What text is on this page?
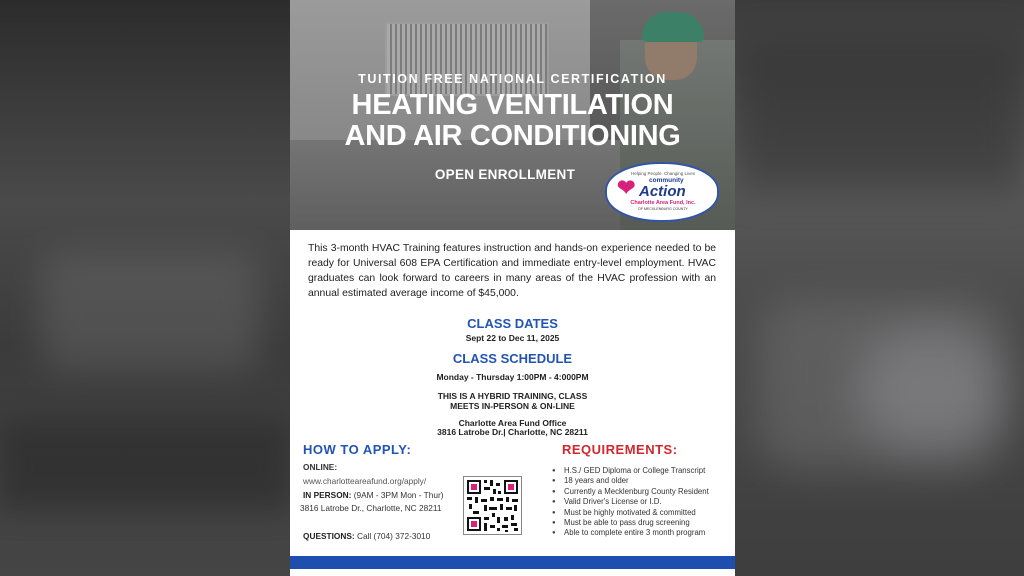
TUITION FREE NATIONAL CERTIFICATION
HEATING VENTILATION
AND AIR CONDITIONING
OPEN ENROLLMENT	Helping People. Changing Lives
❤ community
Action
Charlotte Area Fund, Inc.
OF MECKLENBURG COUNTY
This 3-month HVAC Training features instruction and hands-on experience needed to be ready for Universal 608 EPA Certification and immediate entry-level employment. HVAC graduates can look forward to careers in many areas of the HVAC profession with an annual estimated average income of $45,000.
CLASS DATES
Sept 22 to Dec 11, 2025
CLASS SCHEDULE
Monday - Thursday 1:00PM - 4:000PM
THIS IS A HYBRID TRAINING, CLASS
MEETS IN-PERSON & ON-LINE
Charlotte Area Fund Office
3816 Latrobe Dr.| Charlotte, NC 28211
HOW TO APPLY:
ONLINE:
www.charlotteareafund.org/apply/
IN PERSON: (9AM - 3PM Mon - Thur)
3816 Latrobe Dr., Charlotte, NC 28211
QUESTIONS: Call (704) 372-3010
REQUIREMENTS:
● H.S./ GED Diploma or College Transcript
● 18 years and older
● Currently a Mecklenburg County Resident
● Valid Driver's License or I.D.
● Must be highly motivated & committed
● Must be able to pass drug screening
● Able to complete entire 3 month program
